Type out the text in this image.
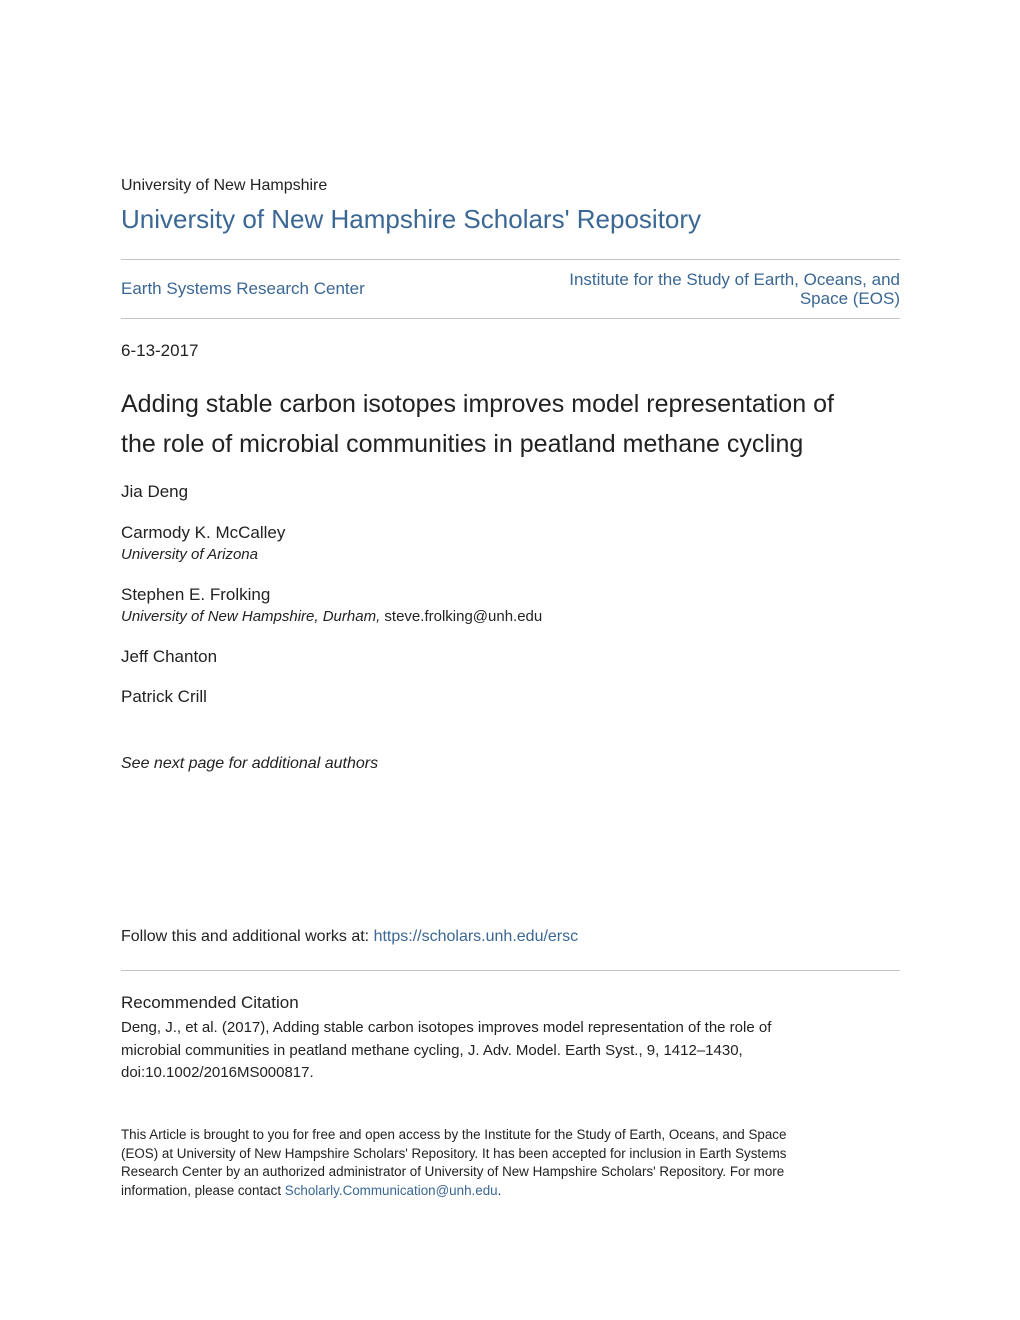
University of New Hampshire
University of New Hampshire Scholars' Repository
Earth Systems Research Center	Institute for the Study of Earth, Oceans, and
Space (EOS)
6-13-2017
Adding stable carbon isotopes improves model representation of
the role of microbial communities in peatland methane cycling
Jia Deng
Carmody K. McCalley
University of Arizona
Stephen E. Frolking
University of New Hampshire, Durham, steve.frolking@unh.edu
Jeff Chanton
Patrick Crill
See next page for additional authors
Follow this and additional works at: https://scholars.unh.edu/ersc
Recommended Citation
Deng, J., et al. (2017), Adding stable carbon isotopes improves model representation of the role of
microbial communities in peatland methane cycling, J. Adv. Model. Earth Syst., 9, 1412–1430,
doi:10.1002/2016MS000817.
This Article is brought to you for free and open access by the Institute for the Study of Earth, Oceans, and Space
(EOS) at University of New Hampshire Scholars' Repository. It has been accepted for inclusion in Earth Systems
Research Center by an authorized administrator of University of New Hampshire Scholars' Repository. For more
information, please contact Scholarly.Communication@unh.edu.
